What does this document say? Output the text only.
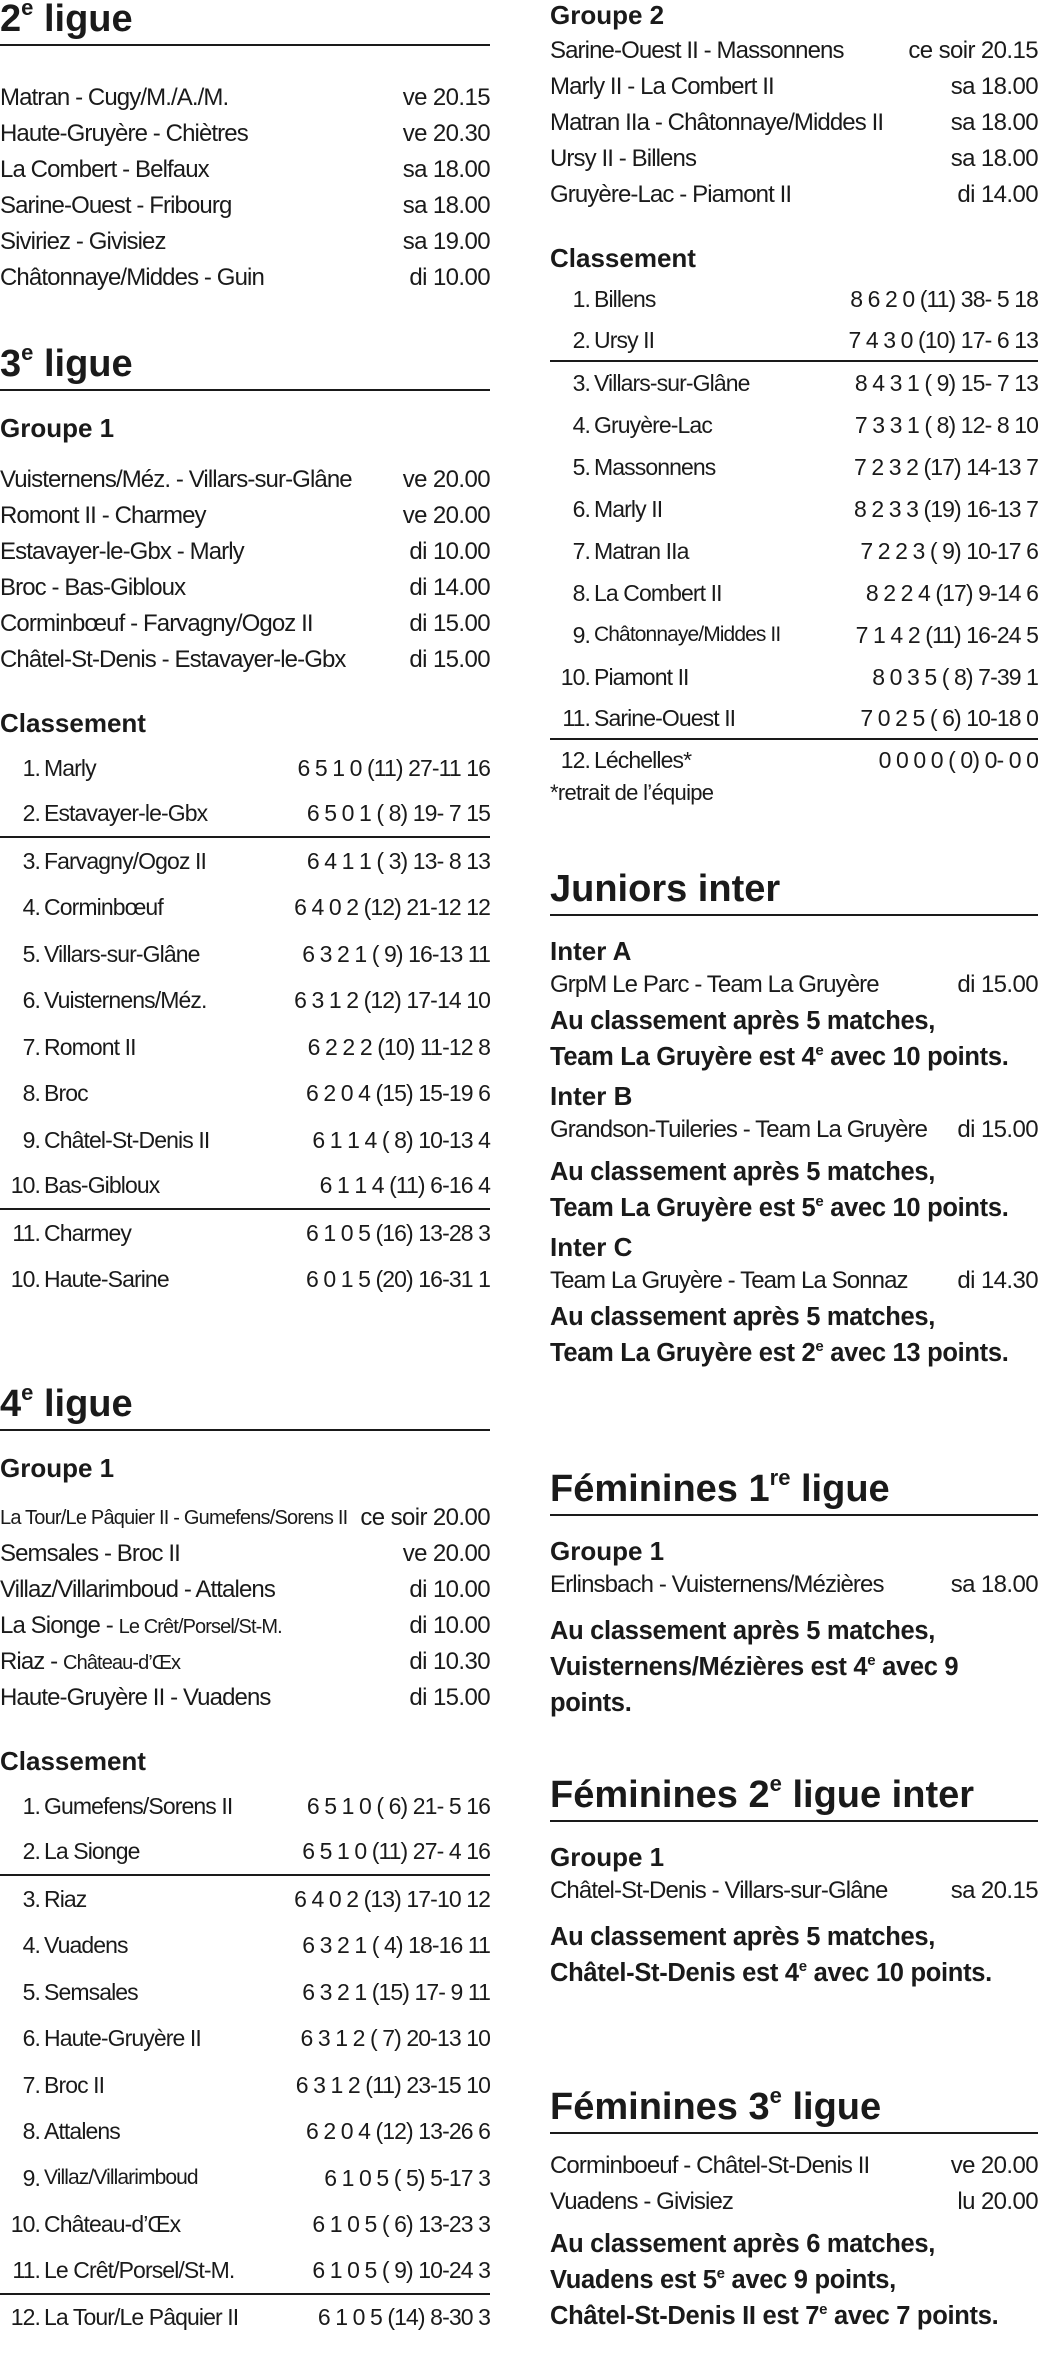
2e ligue
Matran - Cugy/M./A./M.	ve 20.15
Haute-Gruyère - Chiètres	ve 20.30
La Combert - Belfaux	sa 18.00
Sarine-Ouest - Fribourg	sa 18.00
Siviriez - Givisiez	sa 19.00
Châtonnaye/Middes - Guin	di 10.00
3e ligue
Groupe 1
Vuisternens/Méz. - Villars-sur-Glâne ve 20.00
Romont II - Charmey	ve 20.00
Estavayer-le-Gbx - Marly	di 10.00
Broc - Bas-Gibloux	di 14.00
Corminbœuf - Farvagny/Ogoz II	di 15.00
Châtel-St-Denis - Estavayer-le-Gbx	di 15.00
Classement
1. Marly	6 5 1 0 (11) 27-11 16
2. Estavayer-le-Gbx	6 5 0 1 ( 8) 19- 7 15
3. Farvagny/Ogoz II	6 4 1 1 ( 3) 13- 8 13
4. Corminbœuf	6 4 0 2 (12) 21-12 12
5. Villars-sur-Glâne	6 3 2 1 ( 9) 16-13 11
6. Vuisternens/Méz.	6 3 1 2 (12) 17-14 10
7. Romont II	6 2 2 2 (10) 11-12 8
8. Broc	6 2 0 4 (15) 15-19 6
9. Châtel-St-Denis II	6 1 1 4 ( 8) 10-13 4
10. Bas-Gibloux	6 1 1 4 (11) 6-16 4
11. Charmey	6 1 0 5 (16) 13-28 3
10. Haute-Sarine	6 0 1 5 (20) 16-31 1
4e ligue
Groupe 1
La Tour/Le Pâquier II - Gumefens/Sorens II ce soir 20.00
Semsales - Broc II	ve 20.00
Villaz/Villarimboud - Attalens	di 10.00
La Sionge - Le Crêt/Porsel/St-M.	di 10.00
Riaz - Château-d’Œx	di 10.30
Haute-Gruyère II - Vuadens	di 15.00
Classement
1. Gumefens/Sorens II	6 5 1 0 ( 6) 21- 5 16
2. La Sionge	6 5 1 0 (11) 27- 4 16
3. Riaz	6 4 0 2 (13) 17-10 12
4. Vuadens	6 3 2 1 ( 4) 18-16 11
5. Semsales	6 3 2 1 (15) 17- 9 11
6. Haute-Gruyère II	6 3 1 2 ( 7) 20-13 10
7. Broc II	6 3 1 2 (11) 23-15 10
8. Attalens	6 2 0 4 (12) 13-26 6
9. Villaz/Villarimboud	6 1 0 5 ( 5) 5-17 3
10. Château-d’Œx	6 1 0 5 ( 6) 13-23 3
11. Le Crêt/Porsel/St-M.	6 1 0 5 ( 9) 10-24 3
12. La Tour/Le Pâquier II	6 1 0 5 (14) 8-30 3
Groupe 2
Sarine-Ouest II - Massonnens	ce soir 20.15
Marly II - La Combert II	sa 18.00
Matran IIa - Châtonnaye/Middes II	sa 18.00
Ursy II - Billens	sa 18.00
Gruyère-Lac - Piamont II	di 14.00
Classement
1. Billens	8 6 2 0 (11) 38- 5 18
2. Ursy II	7 4 3 0 (10) 17- 6 13
3. Villars-sur-Glâne	8 4 3 1 ( 9) 15- 7 13
4. Gruyère-Lac	7 3 3 1 ( 8) 12- 8 10
5. Massonnens	7 2 3 2 (17) 14-13 7
6. Marly II	8 2 3 3 (19) 16-13 7
7. Matran IIa	7 2 2 3 ( 9) 10-17 6
8. La Combert II	8 2 2 4 (17) 9-14 6
9. Châtonnaye/Middes II	7 1 4 2 (11) 16-24 5
10. Piamont II	8 0 3 5 ( 8) 7-39 1
11. Sarine-Ouest II	7 0 2 5 ( 6) 10-18 0
12. Léchelles*	0 0 0 0 ( 0) 0- 0 0
*retrait de l’équipe
Juniors inter
Inter A
GrpM Le Parc - Team La Gruyère	di 15.00
Au classement après 5 matches,
Team La Gruyère est 4e avec 10 points.
Inter B
Grandson-Tuileries - Team La Gruyère di 15.00
Au classement après 5 matches,
Team La Gruyère est 5e avec 10 points.
Inter C
Team La Gruyère - Team La Sonnaz di 14.30
Au classement après 5 matches,
Team La Gruyère est 2e avec 13 points.
Féminines 1re ligue
Groupe 1
Erlinsbach - Vuisternens/Mézières	sa 18.00
Au classement après 5 matches,
Vuisternens/Mézières est 4e avec 9 points.
Féminines 2e ligue inter
Groupe 1
Châtel-St-Denis - Villars-sur-Glâne	sa 20.15
Au classement après 5 matches,
Châtel-St-Denis est 4e avec 10 points.
Féminines 3e ligue
Corminboeuf - Châtel-St-Denis II	ve 20.00
Vuadens - Givisiez	lu 20.00
Au classement après 6 matches,
Vuadens est 5e avec 9 points,
Châtel-St-Denis II est 7e avec 7 points.
